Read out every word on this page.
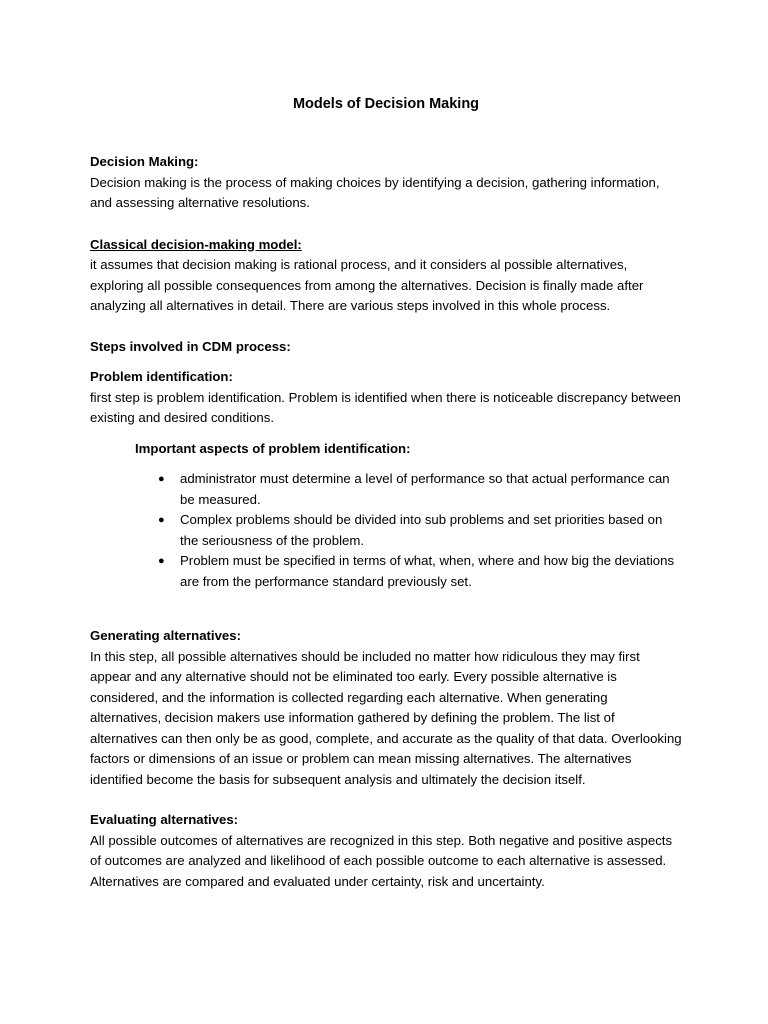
Models of Decision Making

Decision Making:

Decision making is the process of making choices by identifying a decision, gathering information, and assessing alternative resolutions.

Classical decision-making model:

it assumes that decision making is rational process, and it considers al possible alternatives, exploring all possible consequences from among the alternatives. Decision is finally made after analyzing all alternatives in detail. There are various steps involved in this whole process.

Steps involved in CDM process:

Problem identification:

first step is problem identification. Problem is identified when there is noticeable discrepancy between existing and desired conditions.

Important aspects of problem identification:

● administrator must determine a level of performance so that actual performance can be measured.
● Complex problems should be divided into sub problems and set priorities based on the seriousness of the problem.
● Problem must be specified in terms of what, when, where and how big the deviations are from the performance standard previously set.

Generating alternatives:

In this step, all possible alternatives should be included no matter how ridiculous they may first appear and any alternative should not be eliminated too early. Every possible alternative is considered, and the information is collected regarding each alternative. When generating alternatives, decision makers use information gathered by defining the problem. The list of alternatives can then only be as good, complete, and accurate as the quality of that data. Overlooking factors or dimensions of an issue or problem can mean missing alternatives. The alternatives identified become the basis for subsequent analysis and ultimately the decision itself.

Evaluating alternatives:

All possible outcomes of alternatives are recognized in this step. Both negative and positive aspects of outcomes are analyzed and likelihood of each possible outcome to each alternative is assessed. Alternatives are compared and evaluated under certainty, risk and uncertainty.
